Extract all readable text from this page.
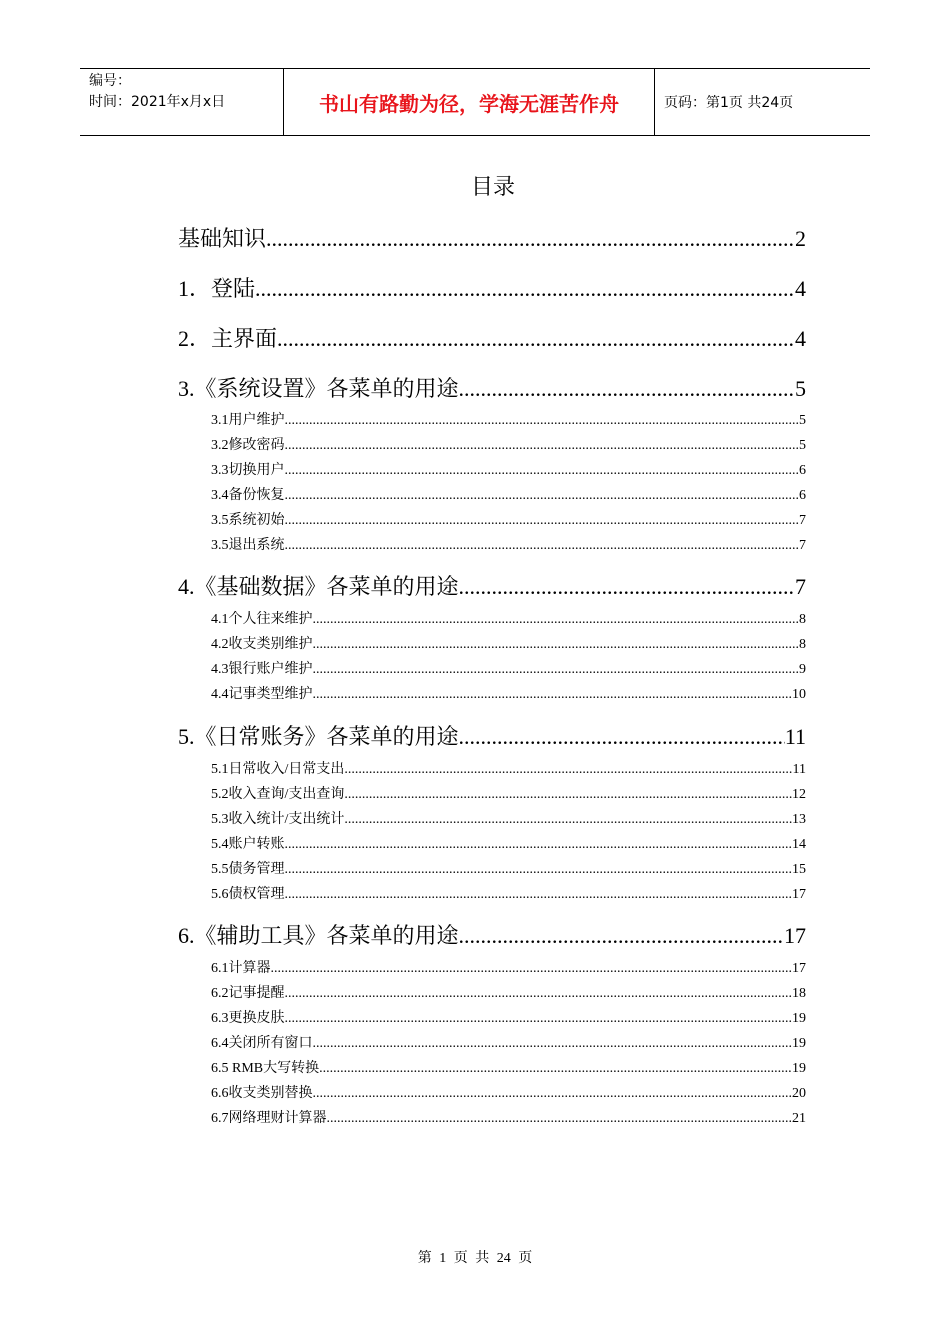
编号：
时间：2021年x月x日	书山有路勤为径，学海无涯苦作舟	页码：第1页 共24页
目录
基础知识 .....	2
1．登陆 .....	4
2．主界面 .....	4
3.《系统设置》各菜单的用途 .....	5
3.1用户维护 .....	5
3.2修改密码 .....	5
3.3切换用户 .....	6
3.4备份恢复 .....	6
3.5系统初始 .....	7
3.5退出系统 .....	7
4.《基础数据》各菜单的用途 .....	7
4.1个人往来维护 .....	8
4.2收支类别维护 .....	8
4.3银行账户维护 .....	9
4.4记事类型维护 .....	10
5.《日常账务》各菜单的用途 .....	11
5.1日常收入/日常支出 .....	11
5.2收入查询/支出查询 .....	12
5.3收入统计/支出统计 .....	13
5.4账户转账 .....	14
5.5债务管理 .....	15
5.6债权管理 .....	17
6.《辅助工具》各菜单的用途 .....	17
6.1计算器 .....	17
6.2记事提醒 .....	18
6.3更换皮肤 .....	19
6.4关闭所有窗口 .....	19
6.5 RMB大写转换 .....	19
6.6收支类别替换 .....	20
6.7网络理财计算器 .....	21
第 1 页 共 24 页
